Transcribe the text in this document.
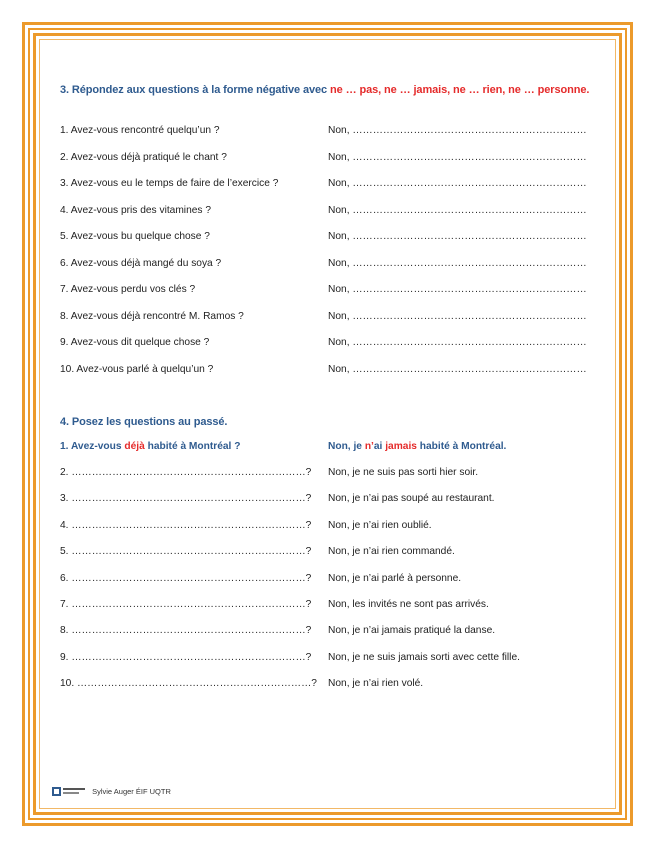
3. Répondez aux questions à la forme négative avec ne … pas, ne … jamais, ne … rien, ne … personne.
1. Avez-vous rencontré quelqu’un ?	Non, ……………………………………………………………
2. Avez-vous déjà pratiqué le chant ?	Non, ……………………………………………………………
3. Avez-vous eu le temps de faire de l’exercice ?	Non, ……………………………………………………………
4. Avez-vous pris des vitamines ?	Non, ……………………………………………………………
5. Avez-vous bu quelque chose ?	Non, ……………………………………………………………
6. Avez-vous déjà mangé du soya ?	Non, ……………………………………………………………
7. Avez-vous perdu vos clés ?	Non, ……………………………………………………………
8. Avez-vous déjà rencontré M. Ramos ?	Non, ……………………………………………………………
9. Avez-vous dit quelque chose ?	Non, ……………………………………………………………
10. Avez-vous parlé à quelqu’un ?	Non, ……………………………………………………………
4. Posez les questions au passé.
1. Avez-vous déjà habité à Montréal ?	Non, je n’ai jamais habité à Montréal.
2. ……………………………………………………………? Non, je ne suis pas sorti hier soir.
3. ……………………………………………………………? Non, je n’ai pas soupé au restaurant.
4. ……………………………………………………………? Non, je n’ai rien oublié.
5. ……………………………………………………………? Non, je n’ai rien commandé.
6. ……………………………………………………………? Non, je n’ai parlé à personne.
7. ……………………………………………………………? Non, les invités ne sont pas arrivés.
8. ……………………………………………………………? Non, je n’ai jamais pratiqué la danse.
9. ……………………………………………………………? Non, je ne suis jamais sorti avec cette fille.
10. ……………………………………………………………? Non, je n’ai rien volé.
Sylvie Auger ÉIF UQTR
